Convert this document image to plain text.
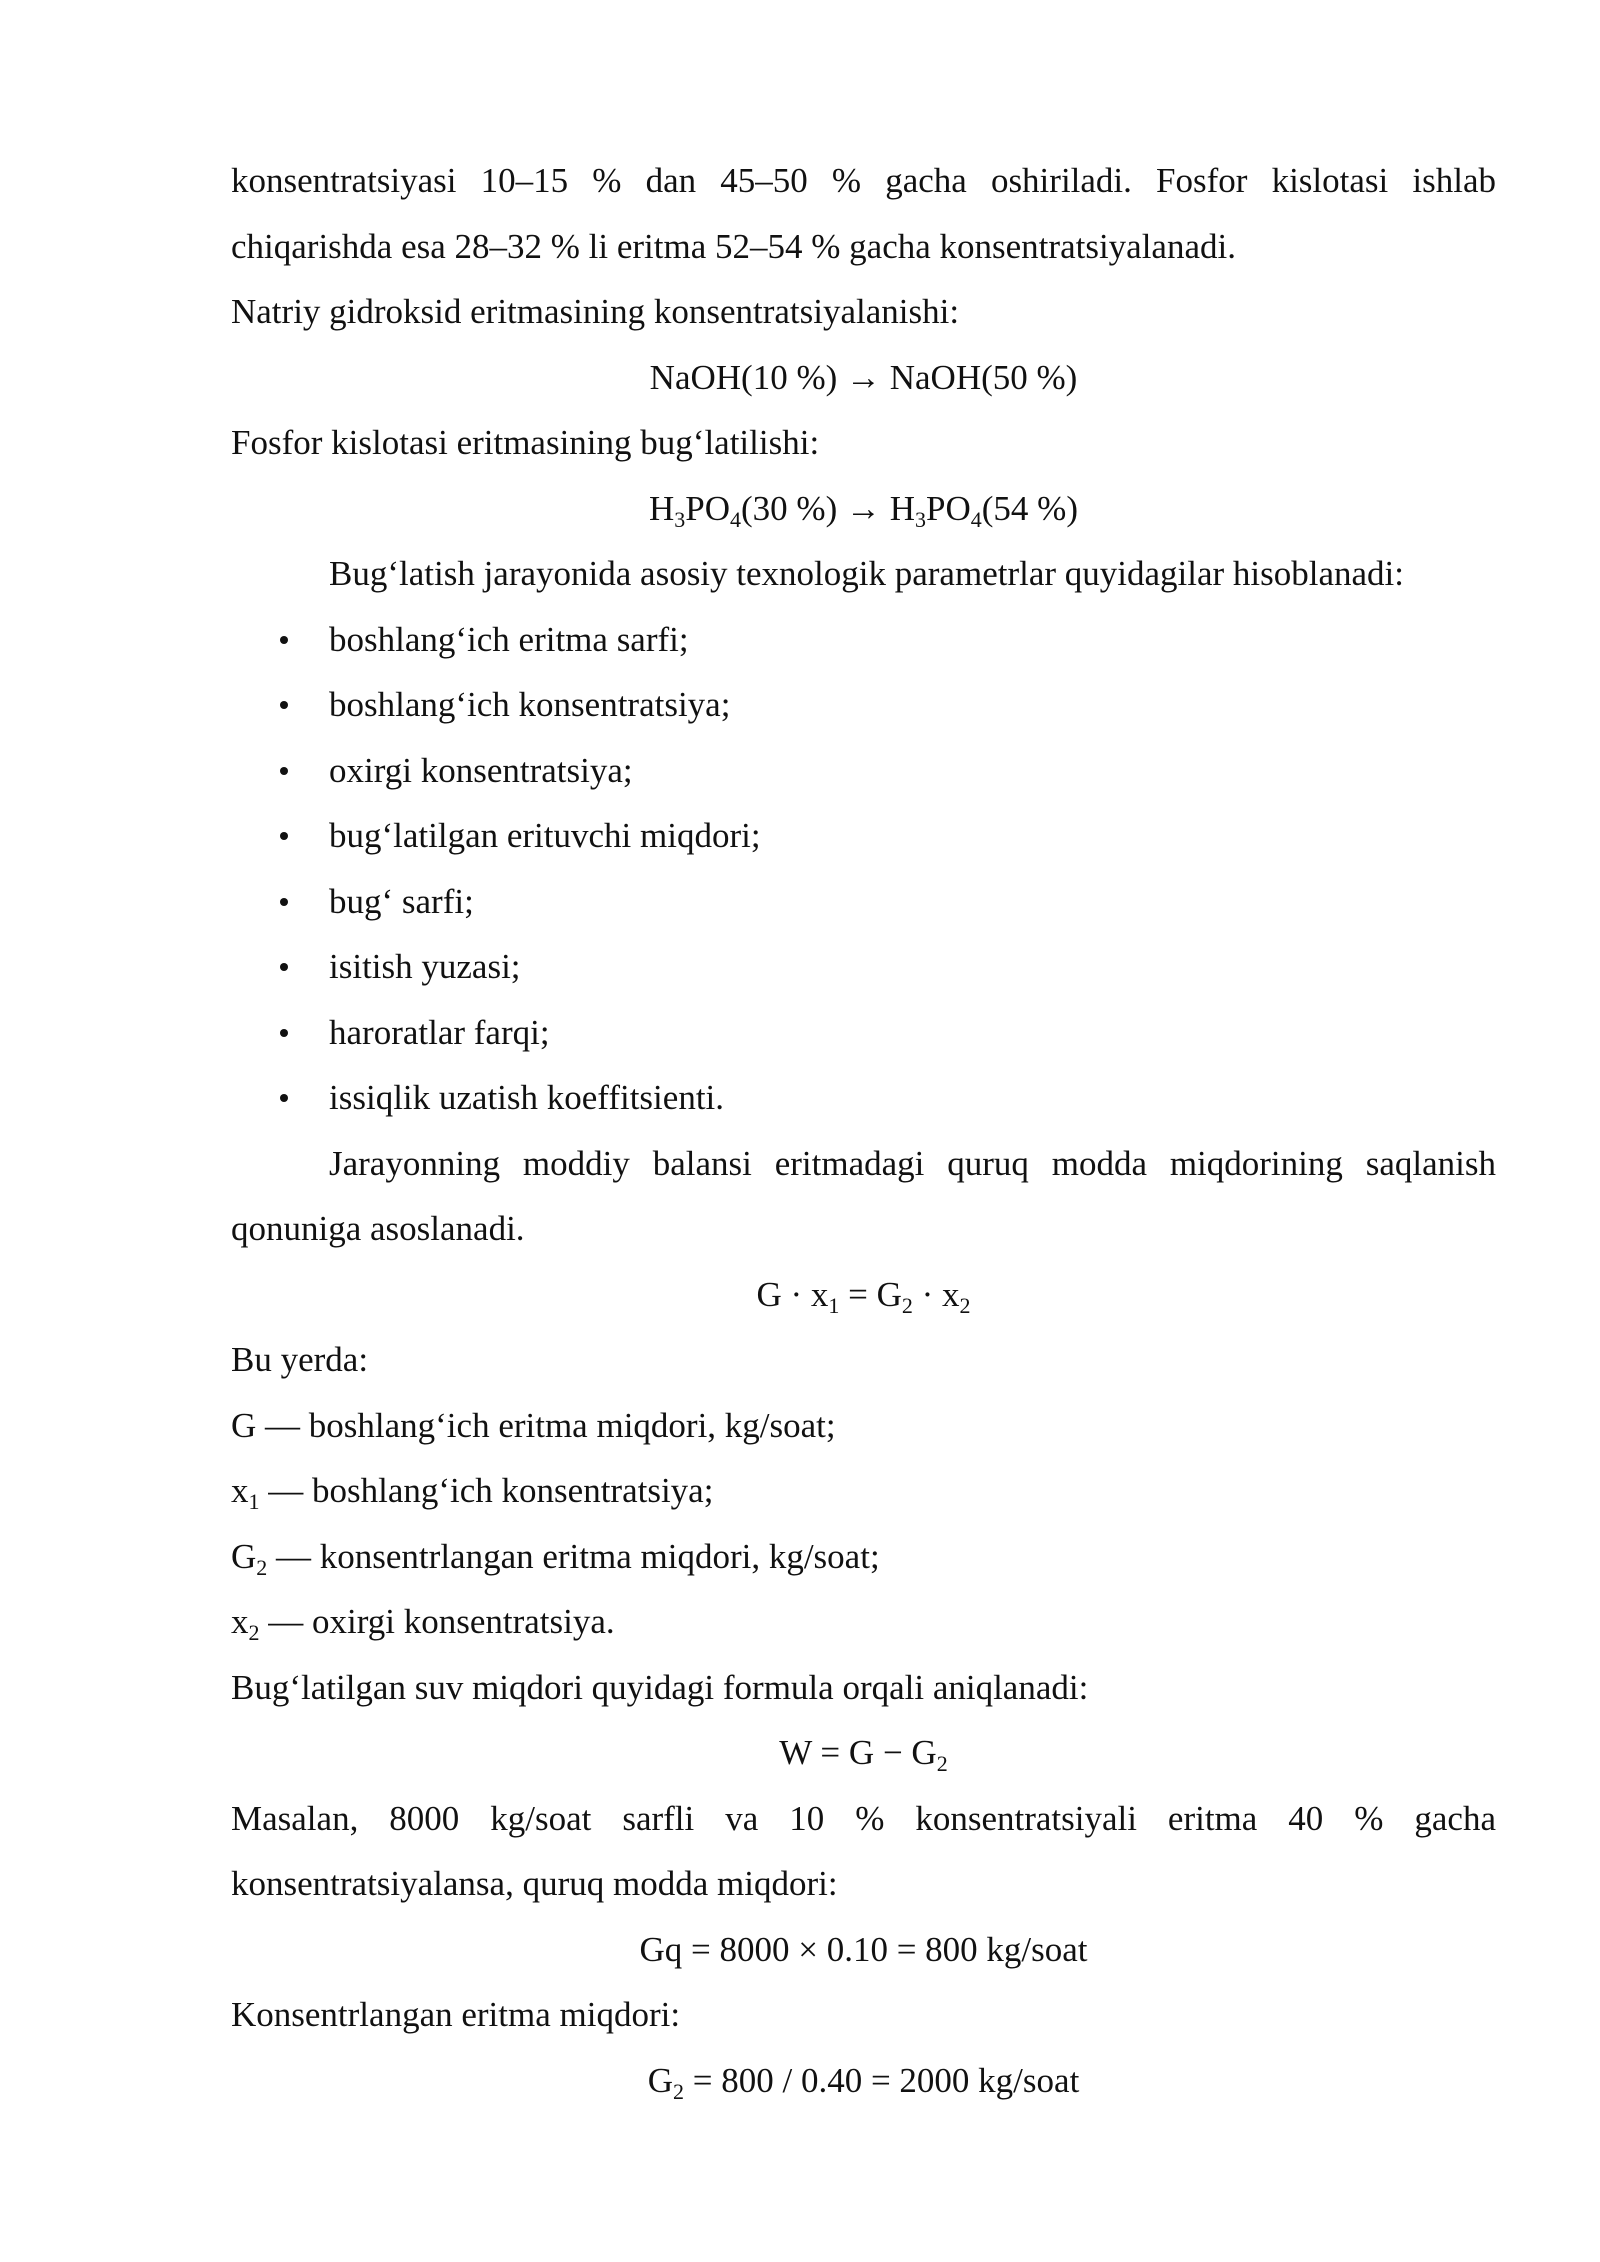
konsentratsiyasi 10–15 % dan 45–50 % gacha oshiriladi. Fosfor kislotasi ishlab

chiqarishda esa 28–32 % li eritma 52–54 % gacha konsentratsiyalanadi.

Natriy gidroksid eritmasining konsentratsiyalanishi:

NaOH(10 %) → NaOH(50 %)

Fosfor kislotasi eritmasining bug‘latilishi:

$H_3PO_4(30$ %) → $H_3PO_4(54$ %)

Bug‘latish jarayonida asosiy texnologik parametrlar quyidagilar hisoblanadi:

boshlang‘ich eritma sarfi;

boshlang‘ich konsentratsiya;

oxirgi konsentratsiya;

bug‘latilgan erituvchi miqdori;

bug‘ sarfi;

isitish yuzasi;

haroratlar farqi;

issiqlik uzatish koeffitsienti.

Jarayonning moddiy balansi eritmadagi quruq modda miqdorining saqlanish

qonuniga asoslanadi.

$G \cdot x_1 = G_2 \cdot x_2$

Bu yerda:

G — boshlang‘ich eritma miqdori, kg/soat;

$x_1$ — boshlang‘ich konsentratsiya;

$G_2$ — konsentrlangan eritma miqdori, kg/soat;

$x_2$ — oxirgi konsentratsiya.

Bug‘latilgan suv miqdori quyidagi formula orqali aniqlanadi:

$W = G - G_2$

Masalan, 8000 kg/soat sarfli va 10 % konsentratsiyali eritma 40 % gacha

konsentratsiyalansa, quruq modda miqdori:

Gq = 8000 × 0.10 = 800 kg/soat

Konsentrlangan eritma miqdori:

$G_2 = 800 / 0.40 = 2000$ kg/soat
